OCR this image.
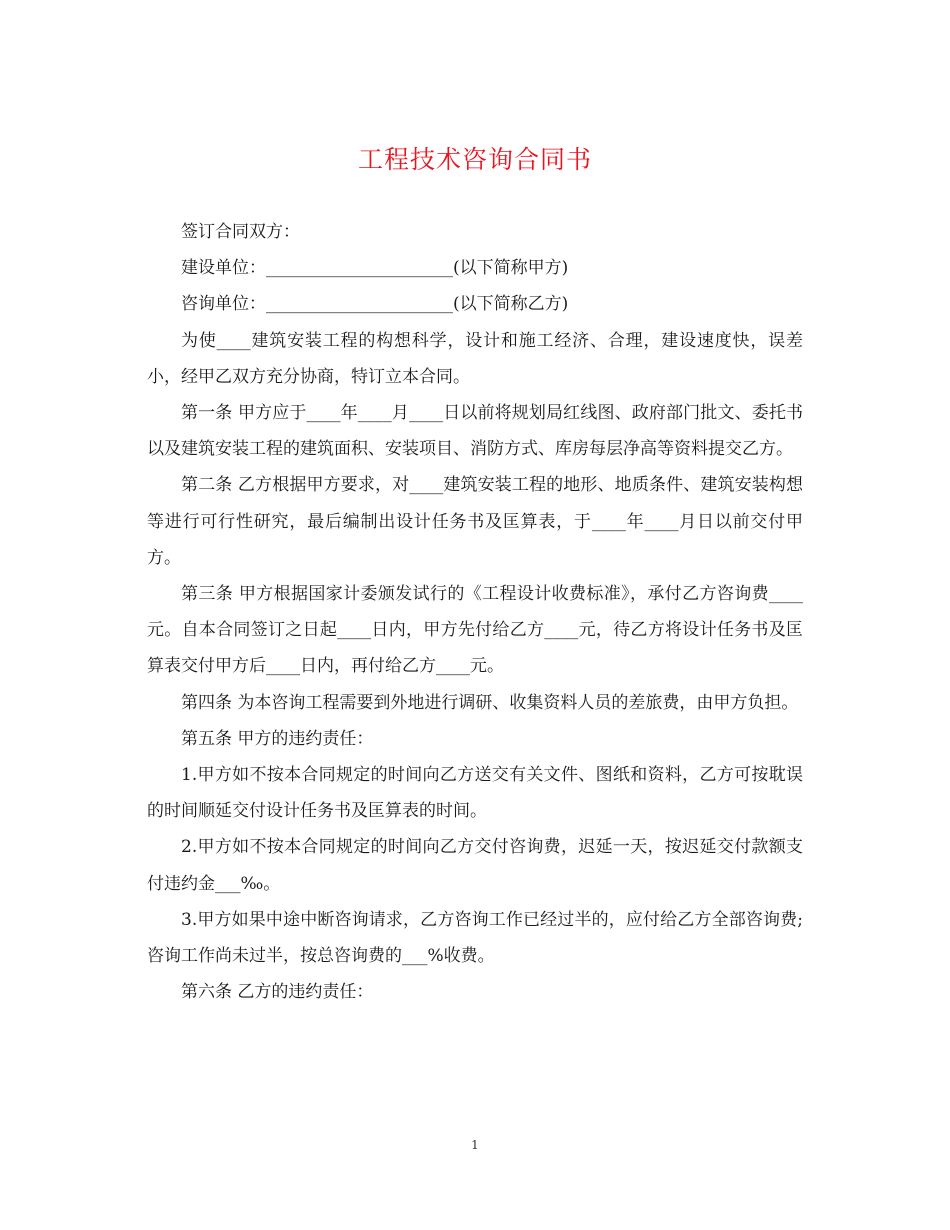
工程技术咨询合同书

签订合同双方：

建设单位：______________________(以下简称甲方)

咨询单位：______________________(以下简称乙方)

为使____建筑安装工程的构想科学，设计和施工经济、合理，建设速度快，误差小，经甲乙双方充分协商，特订立本合同。

第一条 甲方应于____年____月____日以前将规划局红线图、政府部门批文、委托书以及建筑安装工程的建筑面积、安装项目、消防方式、库房每层净高等资料提交乙方。

第二条 乙方根据甲方要求，对____建筑安装工程的地形、地质条件、建筑安装构想等进行可行性研究，最后编制出设计任务书及匡算表，于____年____月日以前交付甲方。

第三条 甲方根据国家计委颁发试行的《工程设计收费标准》，承付乙方咨询费____元。自本合同签订之日起____日内，甲方先付给乙方____元，待乙方将设计任务书及匡算表交付甲方后____日内，再付给乙方____元。

第四条 为本咨询工程需要到外地进行调研、收集资料人员的差旅费，由甲方负担。

第五条 甲方的违约责任：

1.甲方如不按本合同规定的时间向乙方送交有关文件、图纸和资料，乙方可按耽误的时间顺延交付设计任务书及匡算表的时间。

2.甲方如不按本合同规定的时间向乙方交付咨询费，迟延一天，按迟延交付款额支付违约金___‰。

3.甲方如果中途中断咨询请求，乙方咨询工作已经过半的，应付给乙方全部咨询费;咨询工作尚未过半，按总咨询费的___%收费。

第六条 乙方的违约责任：

1
